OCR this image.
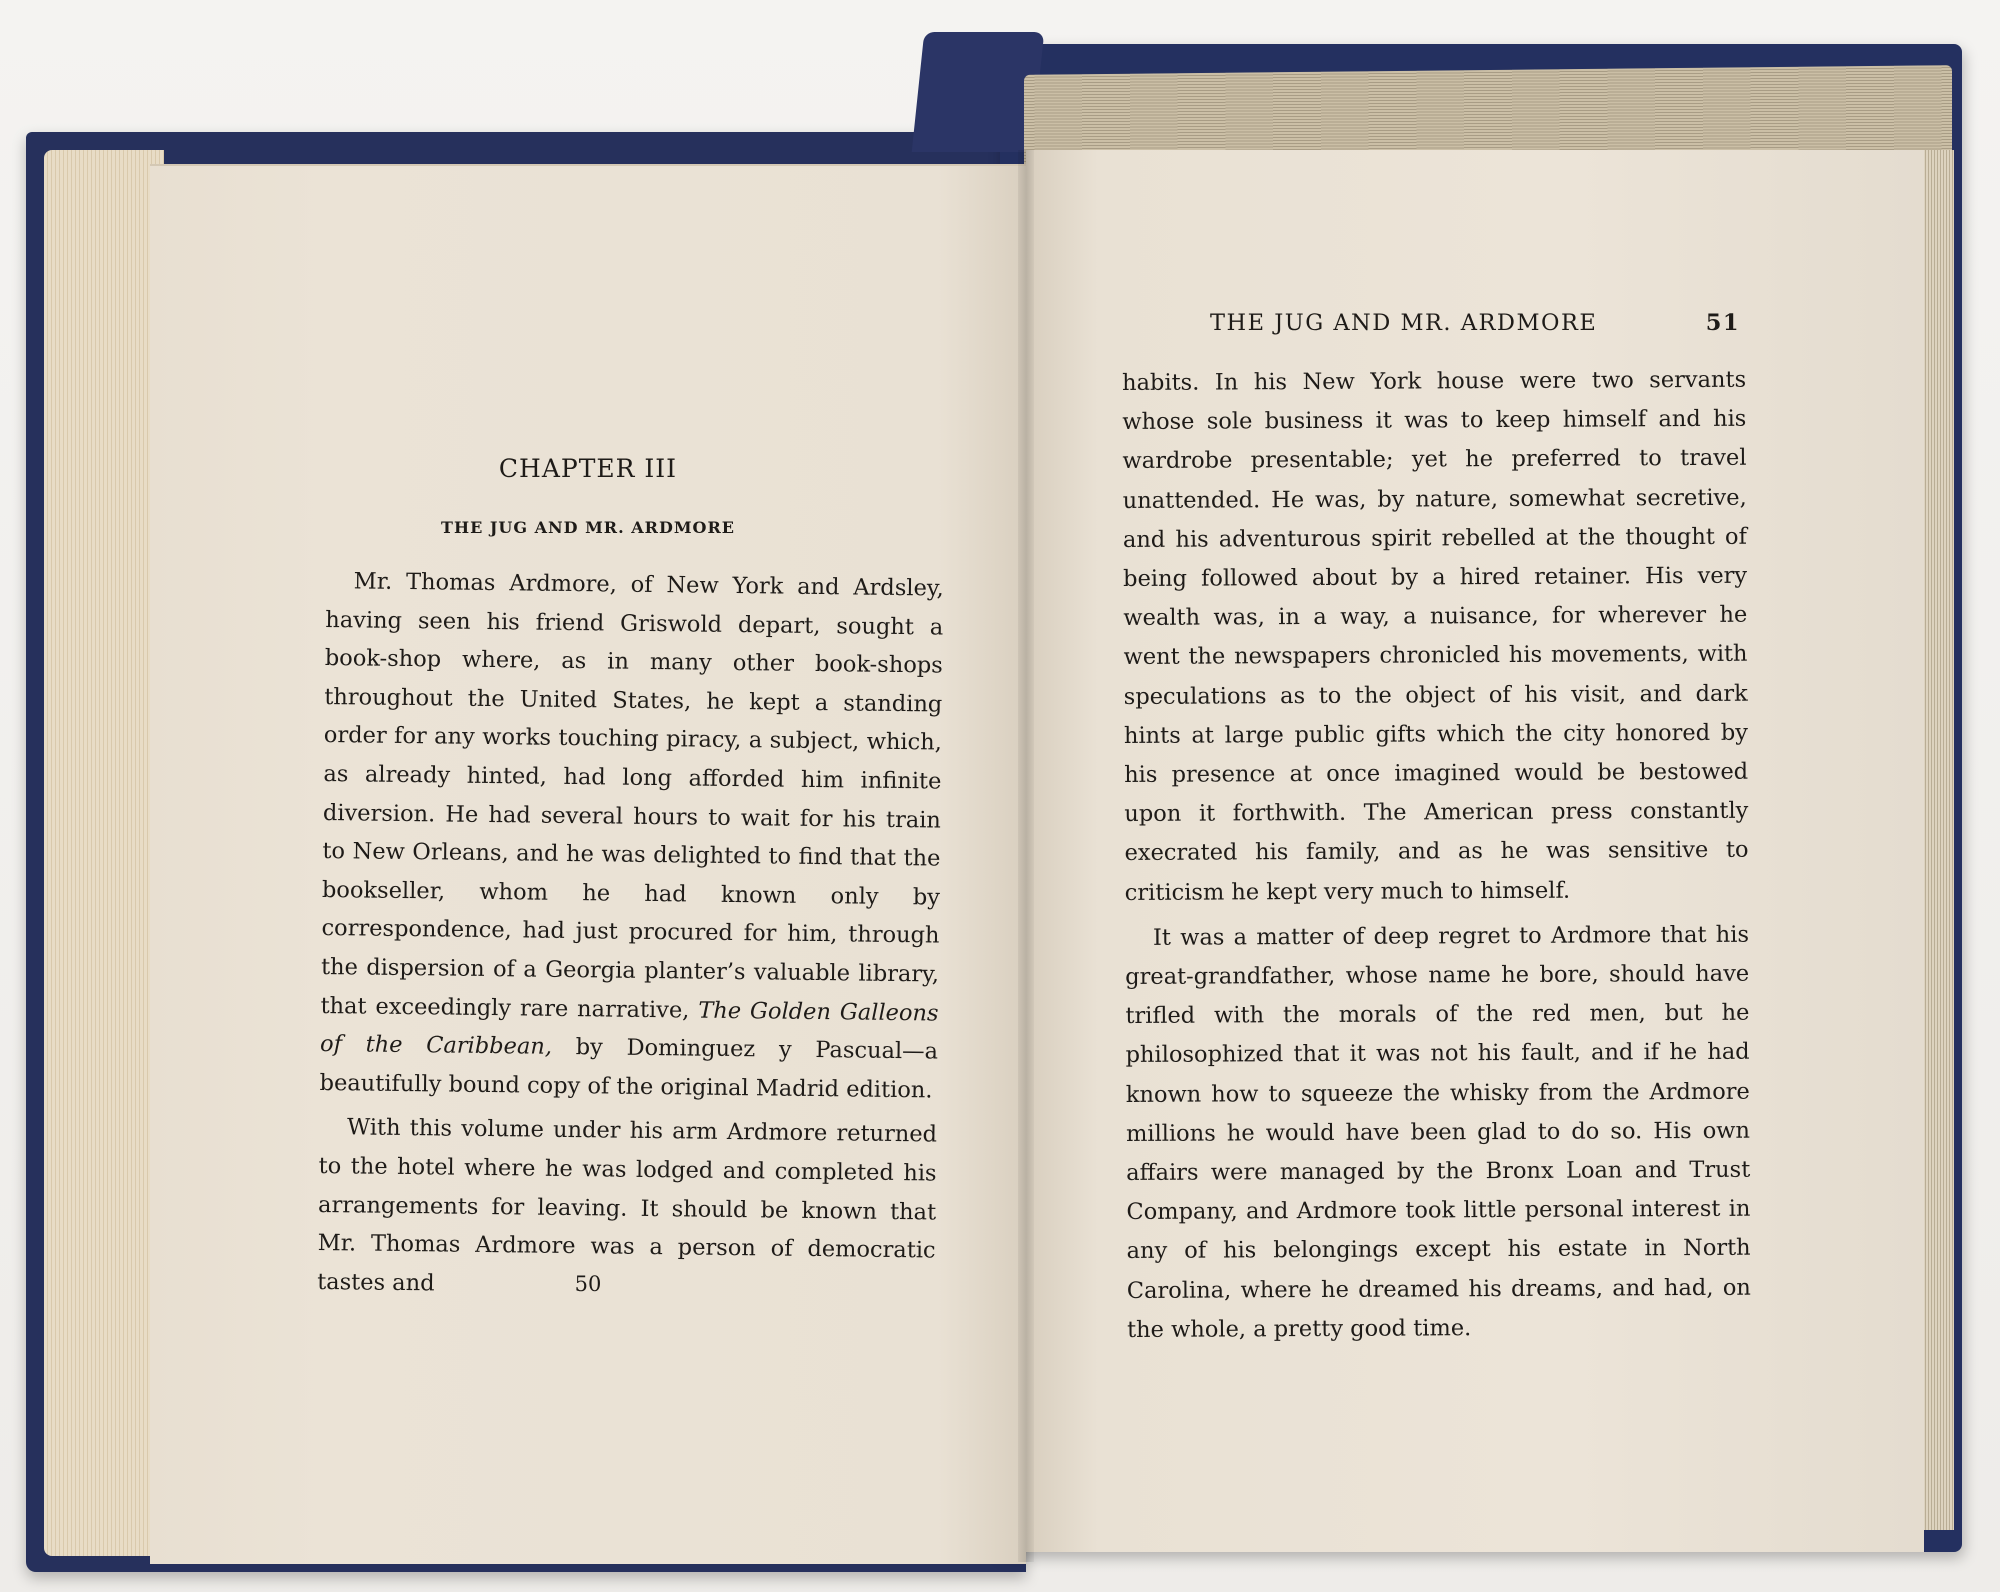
CHAPTER III
THE JUG AND MR. ARDMORE

Mr. Thomas Ardmore, of New York and Ardsley, having seen his friend Griswold depart, sought a book-shop where, as in many other book-shops throughout the United States, he kept a standing order for any works touching piracy, a subject, which, as already hinted, had long afforded him infinite diversion. He had several hours to wait for his train to New Orleans, and he was delighted to find that the bookseller, whom he had known only by correspondence, had just procured for him, through the dispersion of a Georgia planter’s valuable library, that exceedingly rare narrative, The Golden Galleons of the Caribbean, by Dominguez y Pascual—a beautifully bound copy of the original Madrid edition.

With this volume under his arm Ardmore returned to the hotel where he was lodged and completed his arrangements for leaving. It should be known that Mr. Thomas Ardmore was a person of democratic tastes and	50
THE JUG AND MR. ARDMORE	51

habits. In his New York house were two servants whose sole business it was to keep himself and his wardrobe presentable; yet he preferred to travel unattended. He was, by nature, somewhat secretive, and his adventurous spirit rebelled at the thought of being followed about by a hired retainer. His very wealth was, in a way, a nuisance, for wherever he went the newspapers chronicled his movements, with speculations as to the object of his visit, and dark hints at large public gifts which the city honored by his presence at once imagined would be bestowed upon it forthwith. The American press constantly execrated his family, and as he was sensitive to criticism he kept very much to himself.

It was a matter of deep regret to Ardmore that his great-grandfather, whose name he bore, should have trifled with the morals of the red men, but he philosophized that it was not his fault, and if he had known how to squeeze the whisky from the Ardmore millions he would have been glad to do so. His own affairs were managed by the Bronx Loan and Trust Company, and Ardmore took little personal interest in any of his belongings except his estate in North Carolina, where he dreamed his dreams, and had, on the whole, a pretty good time.
